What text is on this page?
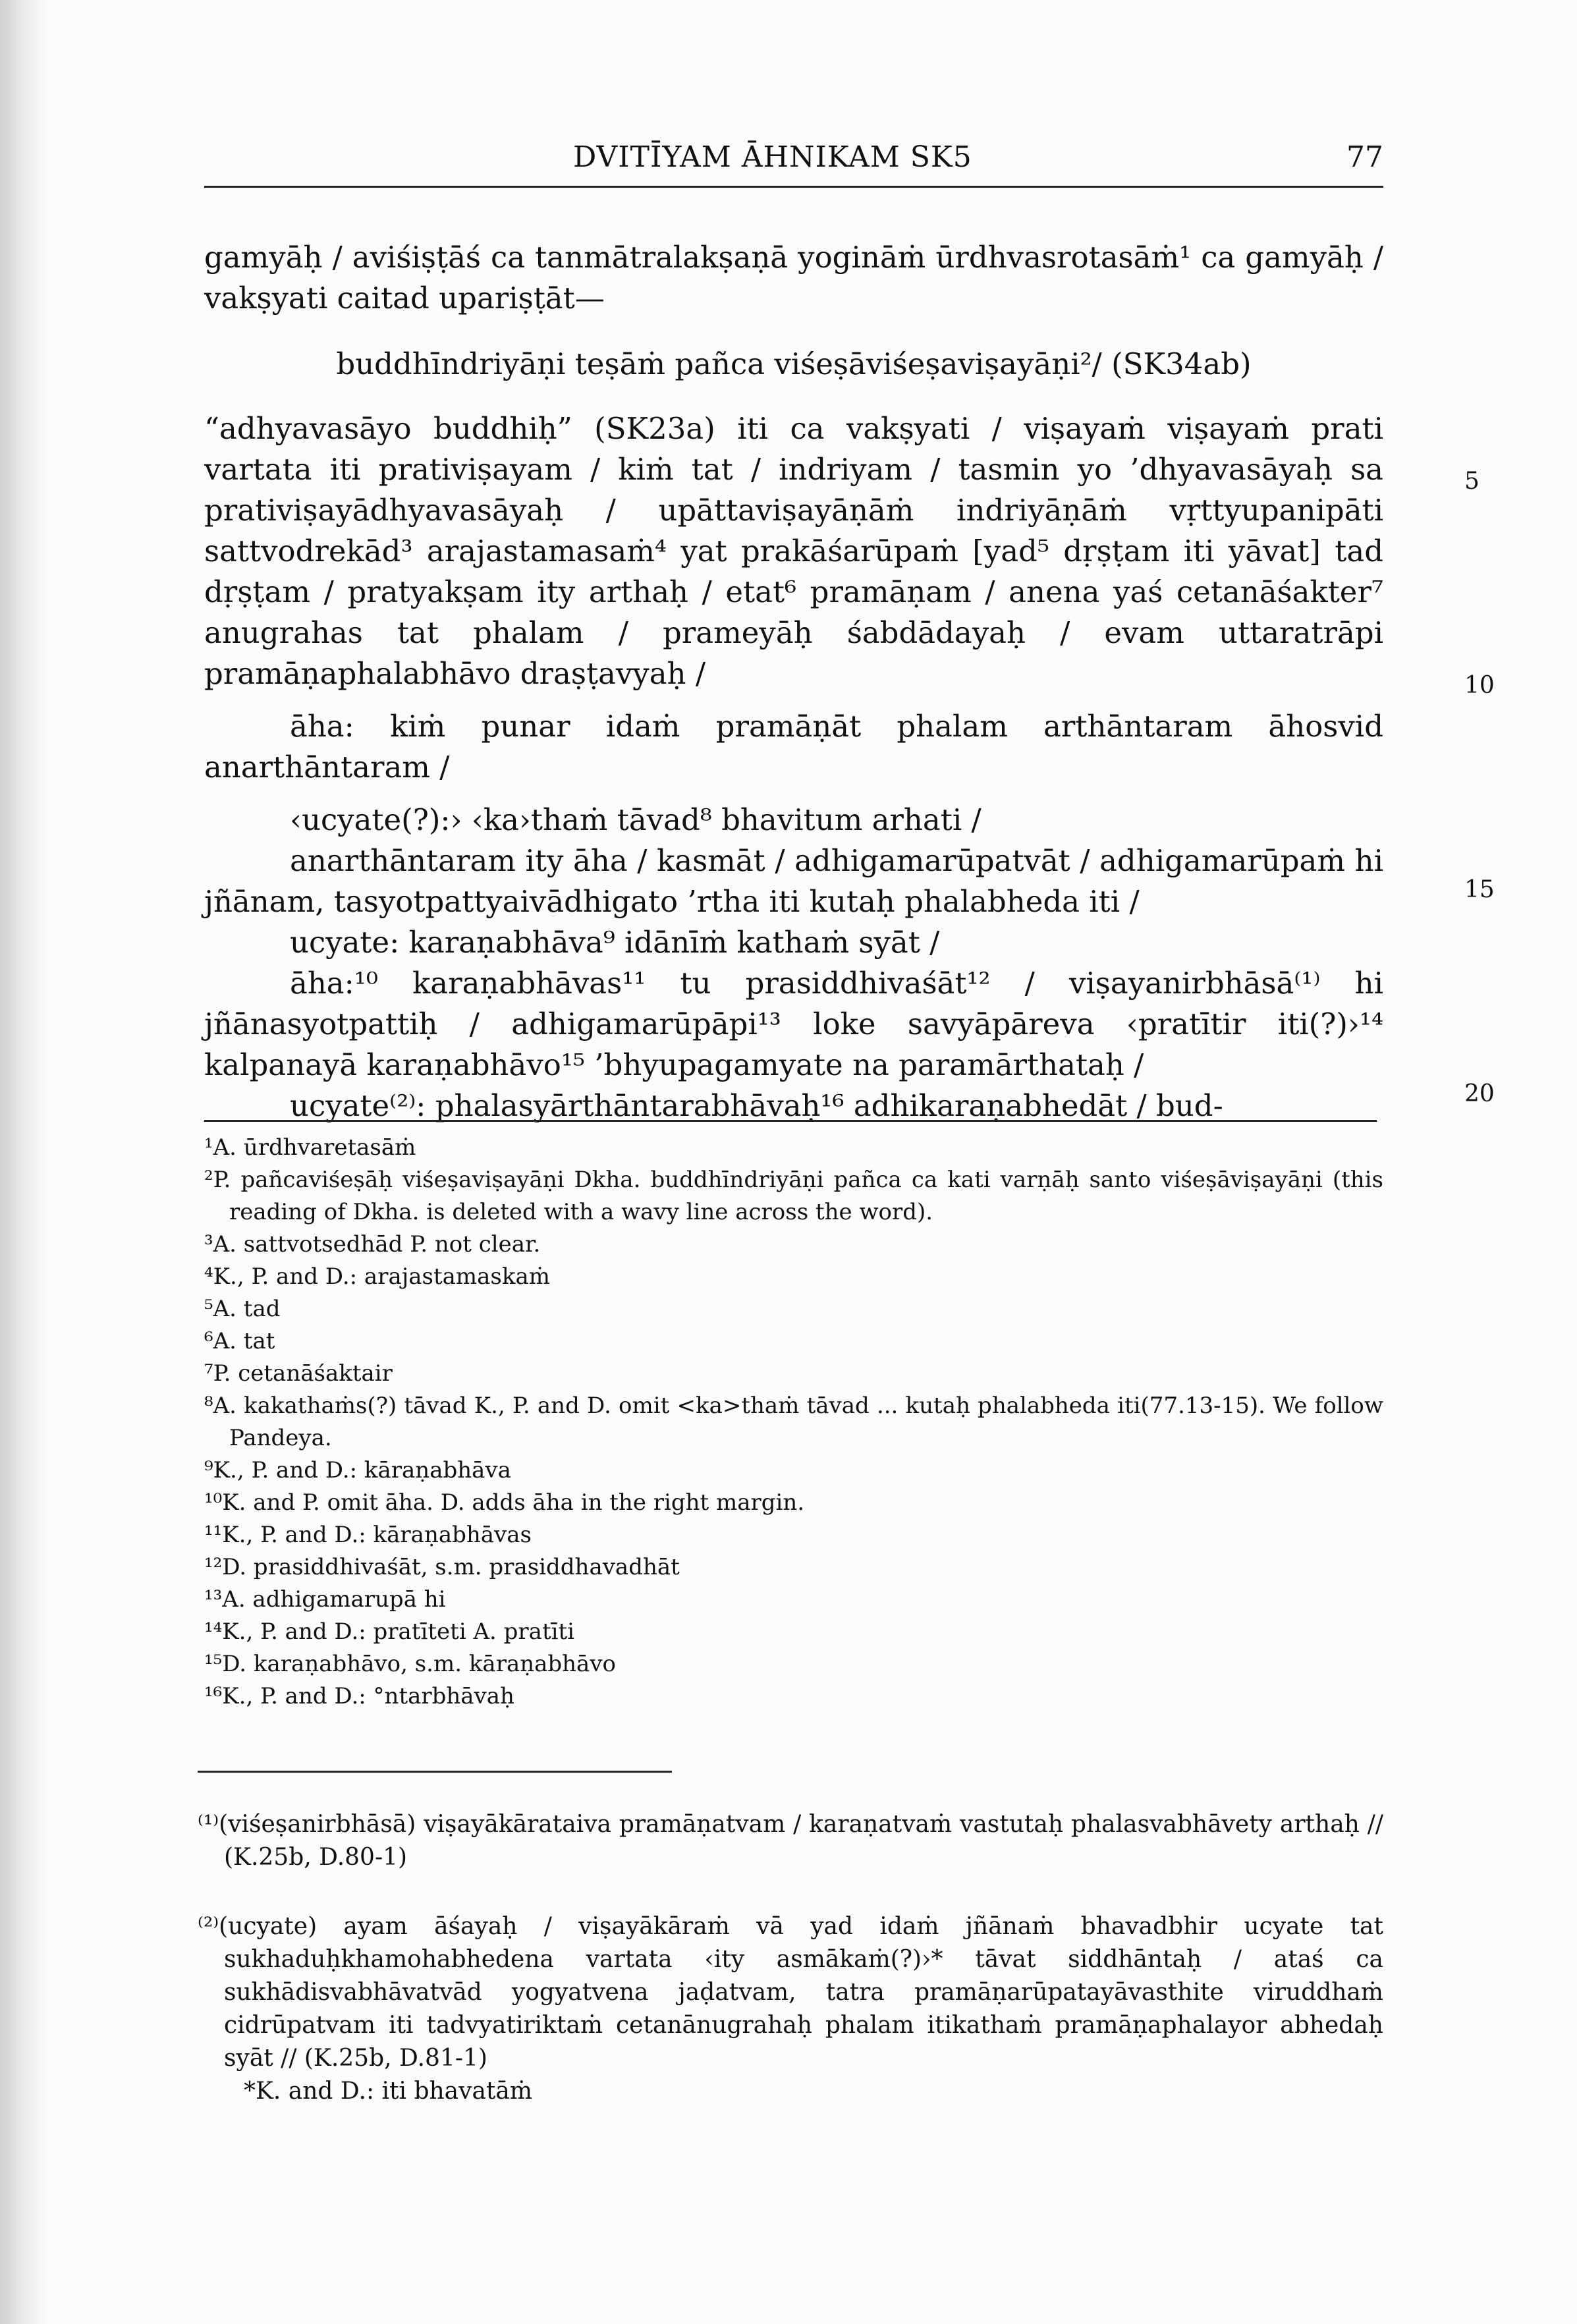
DVITĪYAM ĀHNIKAM SK5	77

gamyāḥ / aviśiṣṭāś ca tanmātralakṣaṇā yogināṁ ūrdhvasrotasāṁ¹ ca gamyāḥ / vakṣyati caitad upariṣṭāt—

buddhīndriyāṇi teṣāṁ pañca viśeṣāviśeṣaviṣayāṇi²/ (SK34ab)

“adhyavasāyo buddhiḥ” (SK23a) iti ca vakṣyati / viṣayaṁ viṣayaṁ prati vartata iti prativiṣayam / kiṁ tat / indriyam / tasmin yo ’dhyavasāyaḥ sa prativiṣayādhyavasāyaḥ / upāttaviṣayāṇāṁ indriyāṇāṁ vṛttyupanipāti sattvodrekād³ arajastamasaṁ⁴ yat prakāśarūpaṁ [yad⁵ dṛṣṭam iti yāvat] tad dṛṣṭam / pratyakṣam ity arthaḥ / etat⁶ pramāṇam / anena yaś cetanāśakter⁷ anugrahas tat phalam / prameyāḥ śabdādayaḥ / evam uttaratrāpi pramāṇaphalabhāvo draṣṭavyaḥ /

āha: kiṁ punar idaṁ pramāṇāt phalam arthāntaram āhosvid anarthāntaram /

‹ucyate(?):› ‹ka›thaṁ tāvad⁸ bhavitum arhati /

anarthāntaram ity āha / kasmāt / adhigamarūpatvāt / adhigamarūpaṁ hi jñānam, tasyotpattyaivādhigato ’rtha iti kutaḥ phalabheda iti /

ucyate: karaṇabhāva⁹ idānīṁ kathaṁ syāt /

āha:¹⁰ karaṇabhāvas¹¹ tu prasiddhivaśāt¹² / viṣayanirbhāsā⁽¹⁾ hi jñānasyotpattiḥ / adhigamarūpāpi¹³ loke savyāpāreva ‹pratītir iti(?)›¹⁴ kalpanayā karaṇabhāvo¹⁵ ’bhyupagamyate na paramārthataḥ /

ucyate⁽²⁾: phalasyārthāntarabhāvaḥ¹⁶ adhikaraṇabhedāt / bud-

5
10
15
20

¹A. ūrdhvaretasāṁ

²P. pañcaviśeṣāḥ viśeṣaviṣayāṇi Dkha. buddhīndriyāṇi pañca ca kati varṇāḥ santo viśeṣāviṣayāṇi (this reading of Dkha. is deleted with a wavy line across the word).

³A. sattvotsedhād P. not clear.

⁴K., P. and D.: arajastamaskaṁ

⁵A. tad

⁶A. tat

⁷P. cetanāśaktair

⁸A. kakathaṁs(?) tāvad K., P. and D. omit <ka>thaṁ tāvad ... kutaḥ phalabheda iti(77.13-15). We follow Pandeya.

⁹K., P. and D.: kāraṇabhāva

¹⁰K. and P. omit āha. D. adds āha in the right margin.

¹¹K., P. and D.: kāraṇabhāvas

¹²D. prasiddhivaśāt, s.m. prasiddhavadhāt

¹³A. adhigamarupā hi

¹⁴K., P. and D.: pratīteti A. pratīti

¹⁵D. karaṇabhāvo, s.m. kāraṇabhāvo

¹⁶K., P. and D.: °ntarbhāvaḥ

⁽¹⁾(viśeṣanirbhāsā) viṣayākārataiva pramāṇatvam / karaṇatvaṁ vastutaḥ phalasvabhāvety arthaḥ // (K.25b, D.80-1)

⁽²⁾(ucyate) ayam āśayaḥ / viṣayākāraṁ vā yad idaṁ jñānaṁ bhavadbhir ucyate tat sukhaduḥkhamohabhedena vartata ‹ity asmākaṁ(?)›* tāvat siddhāntaḥ / ataś ca sukhādisvabhāvatvād yogyatvena jaḍatvam, tatra pramāṇarūpatayāvasthite viruddhaṁ cidrūpatvam iti tadvyatiriktaṁ cetanānugrahaḥ phalam itikathaṁ pramāṇaphalayor abhedaḥ syāt // (K.25b, D.81-1)

*K. and D.: iti bhavatāṁ
